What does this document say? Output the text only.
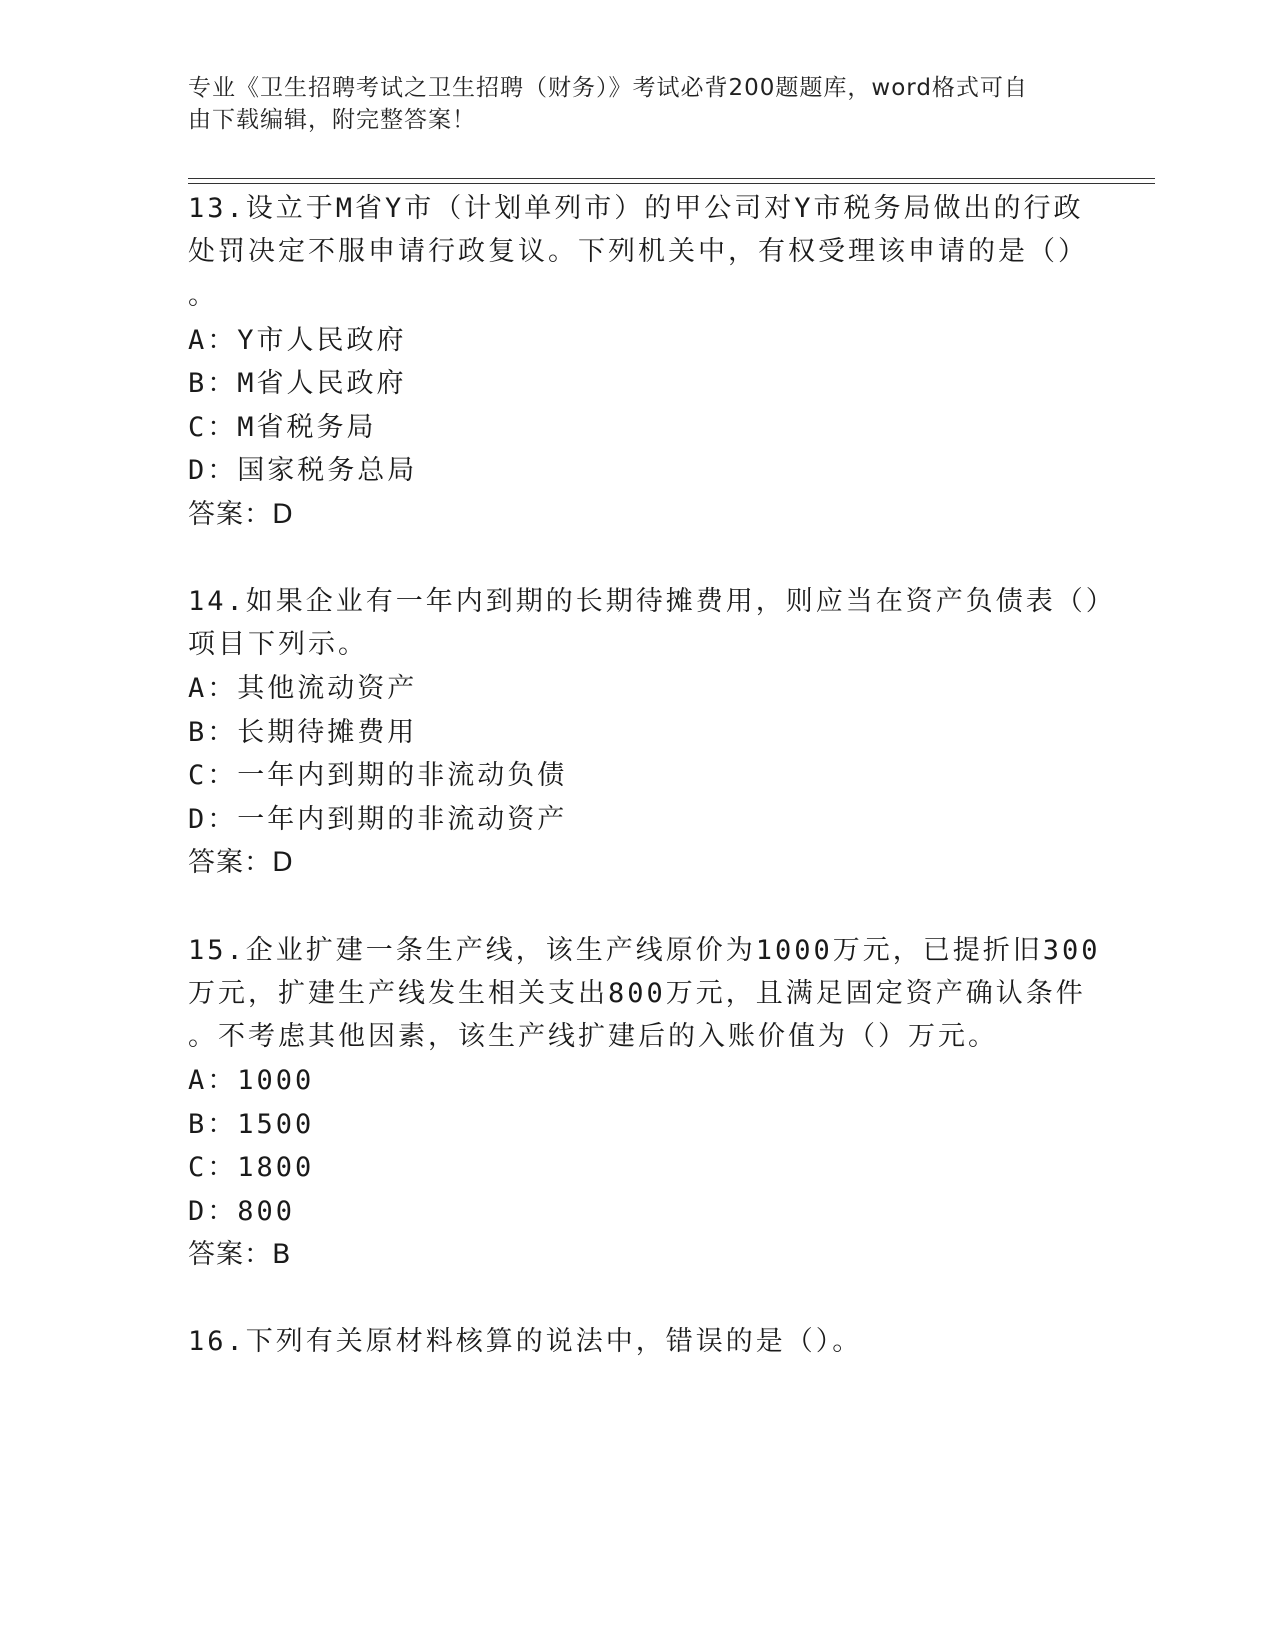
专业《卫生招聘考试之卫生招聘（财务）》考试必背200题题库，word格式可自
由下载编辑，附完整答案！
13.设立于M省Y市（计划单列市）的甲公司对Y市税务局做出的行政
处罚决定不服申请行政复议。下列机关中，有权受理该申请的是（）
。
A：Y市人民政府
B：M省人民政府
C：M省税务局
D：国家税务总局
答案：D
14.如果企业有一年内到期的长期待摊费用，则应当在资产负债表（）
项目下列示。
A：其他流动资产
B：长期待摊费用
C：一年内到期的非流动负债
D：一年内到期的非流动资产
答案：D
15.企业扩建一条生产线，该生产线原价为1000万元，已提折旧300
万元，扩建生产线发生相关支出800万元，且满足固定资产确认条件
。不考虑其他因素，该生产线扩建后的入账价值为（）万元。
A：1000
B：1500
C：1800
D：800
答案：B
16.下列有关原材料核算的说法中，错误的是（）。
